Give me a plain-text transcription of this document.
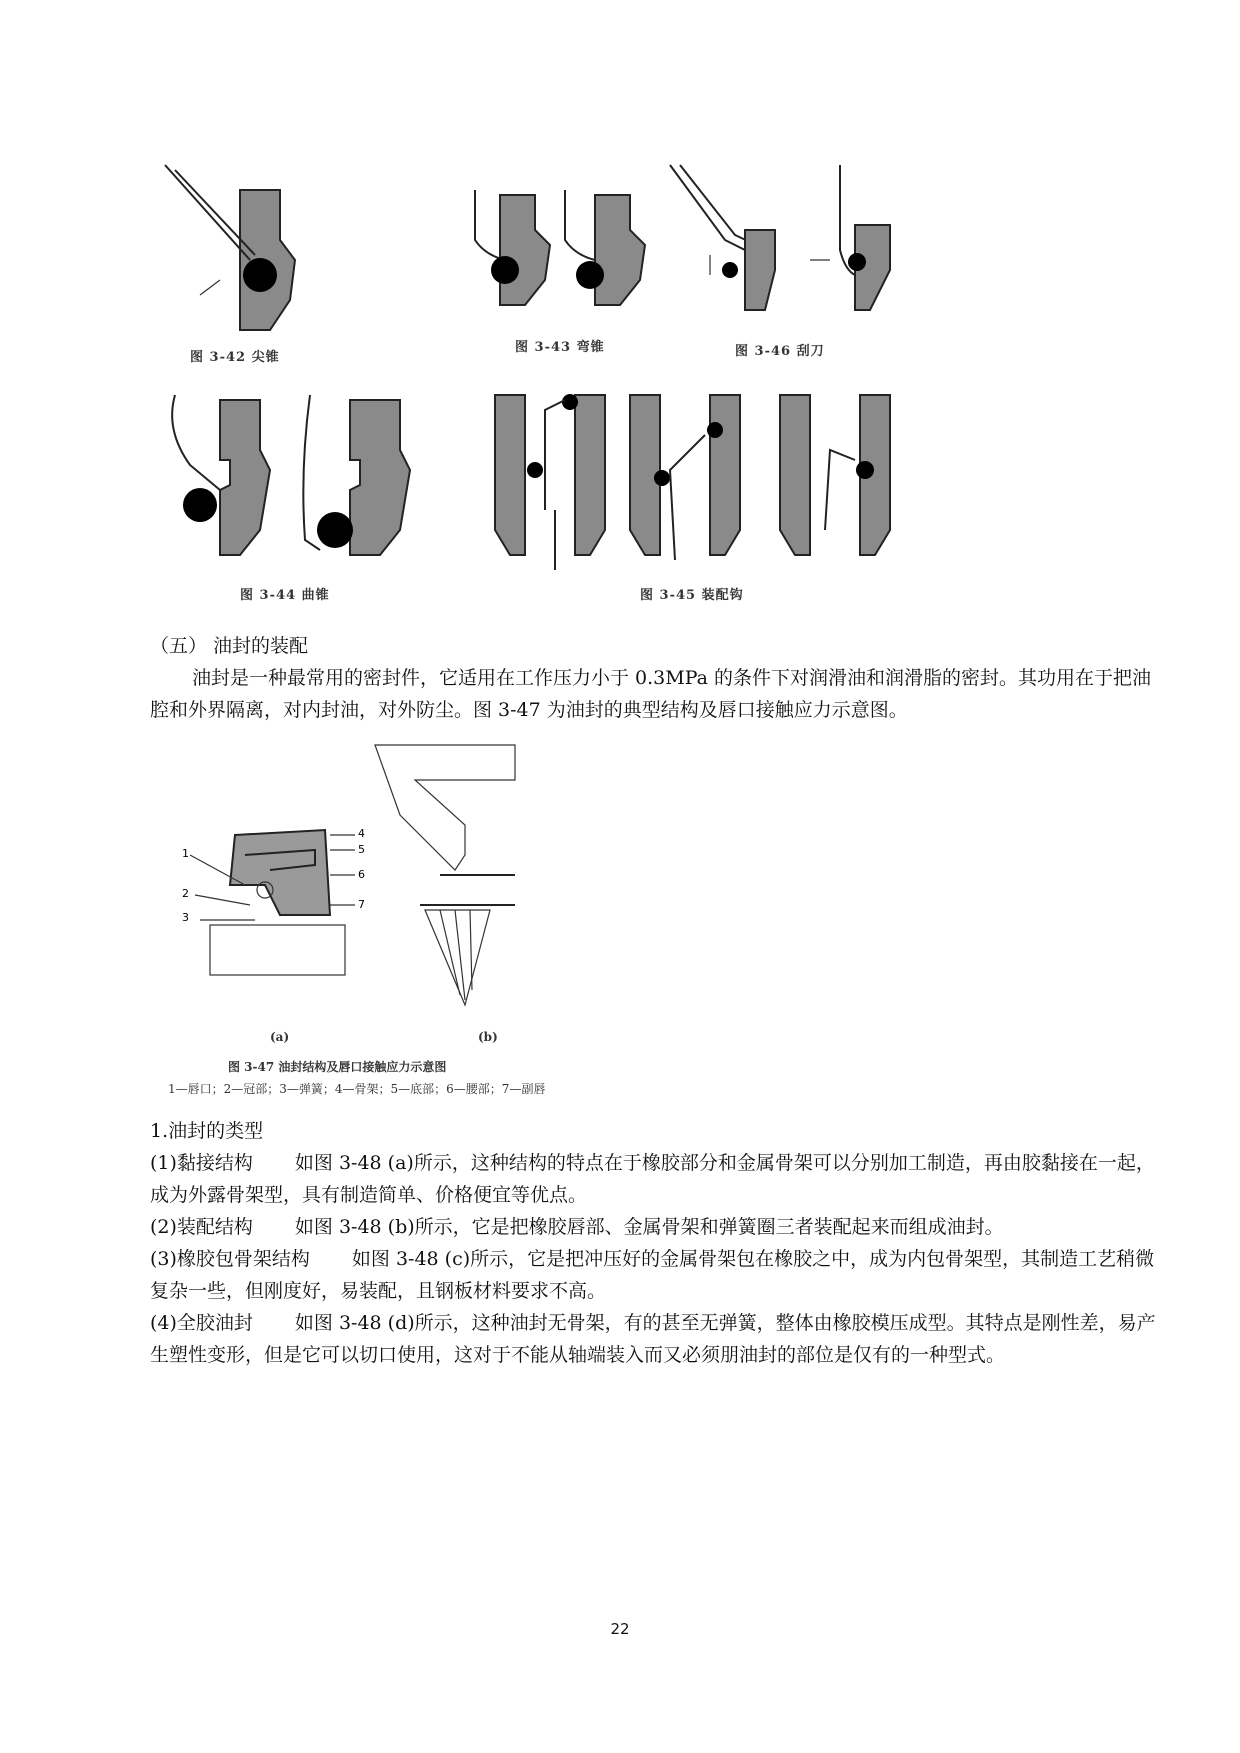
图 3-42 尖锥
图 3-43 弯锥	图 3-46 刮刀
图 3-44 曲锥	图 3-45 装配钩

（五） 油封的装配

油封是一种最常用的密封件，它适用在工作压力小于 0.3MPa 的条件下对润滑油和润滑脂的密封。其功用在于把油腔和外界隔离，对内封油，对外防尘。图 3-47 为油封的典型结构及唇口接触应力示意图。

1
2
3
4
5
6
7
(a)	(b)
图 3-47 油封结构及唇口接触应力示意图
1—唇口；2—冠部；3—弹簧；4—骨架；5—底部；6—腰部；7—副唇

1.油封的类型

(1)黏接结构 如图 3-48 (a)所示，这种结构的特点在于橡胶部分和金属骨架可以分别加工制造，再由胶黏接在一起，成为外露骨架型，具有制造简单、价格便宜等优点。

(2)装配结构 如图 3-48 (b)所示，它是把橡胶唇部、金属骨架和弹簧圈三者装配起来而组成油封。

(3)橡胶包骨架结构 如图 3-48 (c)所示，它是把冲压好的金属骨架包在橡胶之中，成为内包骨架型，其制造工艺稍微复杂一些，但刚度好，易装配，且钢板材料要求不高。

(4)全胶油封 如图 3-48 (d)所示，这种油封无骨架，有的甚至无弹簧，整体由橡胶模压成型。其特点是刚性差，易产生塑性变形，但是它可以切口使用，这对于不能从轴端装入而又必须朋油封的部位是仅有的一种型式。

22
